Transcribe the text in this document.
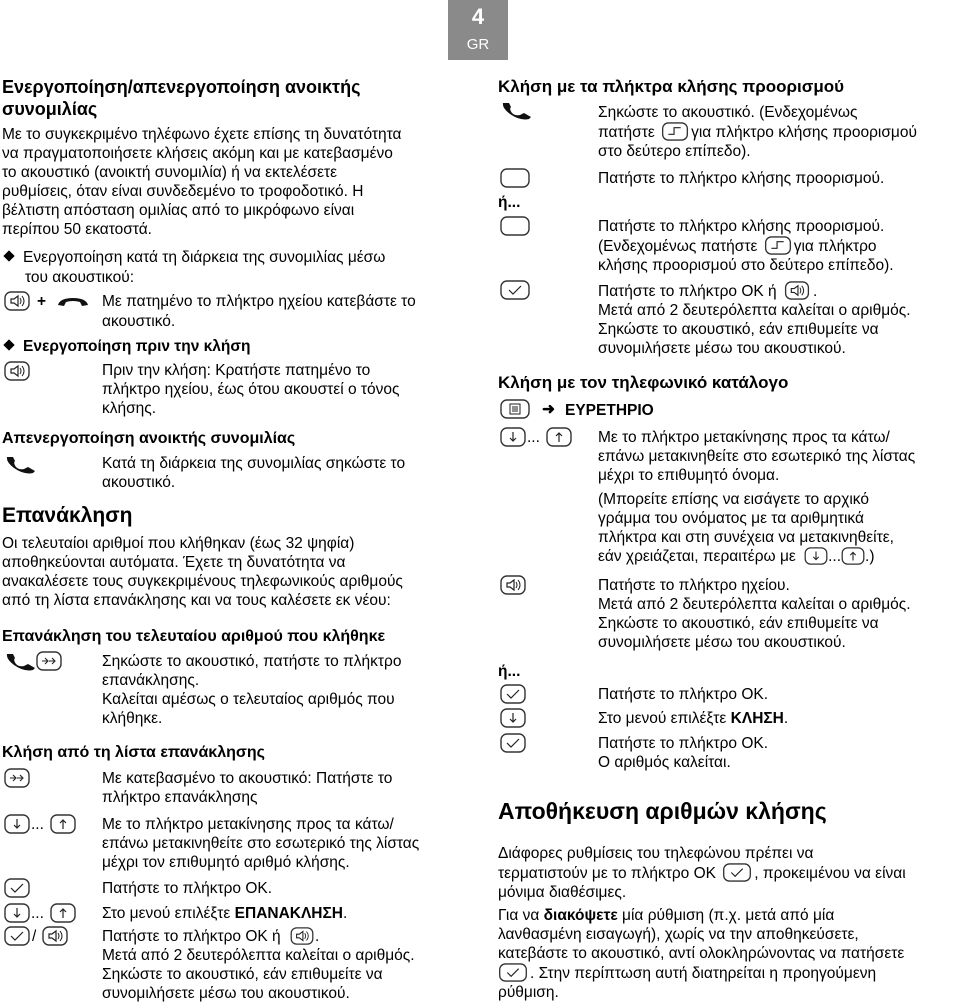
4
GR
Ενεργοποίηση/απενεργοποίηση ανοικτής
συνομιλίας
Με το συγκεκριμένο τηλέφωνο έχετε επίσης τη δυνατότητα
να πραγματοποιήσετε κλήσεις ακόμη και με κατεβασμένο
το ακουστικό (ανοικτή συνομιλία) ή να εκτελέσετε
ρυθμίσεις, όταν είναι συνδεδεμένο το τροφοδοτικό. Η
βέλτιστη απόσταση ομιλίας από το μικρόφωνο είναι
περίπου 50 εκατοστά.
Ενεργοποίηση κατά τη διάρκεια της συνομιλίας μέσω
του ακουστικού:
+	Με πατημένο το πλήκτρο ηχείου κατεβάστε το
ακουστικό.
Ενεργοποίηση πριν την κλήση
Πριν την κλήση: Κρατήστε πατημένο το
πλήκτρο ηχείου, έως ότου ακουστεί ο τόνος
κλήσης.
Απενεργοποίηση ανοικτής συνομιλίας
Κατά τη διάρκεια της συνομιλίας σηκώστε το
ακουστικό.
Επανάκληση
Οι τελευταίοι αριθμοί που κλήθηκαν (έως 32 ψηφία)
αποθηκεύονται αυτόματα. Έχετε τη δυνατότητα να
ανακαλέσετε τους συγκεκριμένους τηλεφωνικούς αριθμούς
από τη λίστα επανάκλησης και να τους καλέσετε εκ νέου:
Επανάκληση του τελευταίου αριθμού που κλήθηκε
Σηκώστε το ακουστικό, πατήστε το πλήκτρο
επανάκλησης.
Καλείται αμέσως ο τελευταίος αριθμός που
κλήθηκε.
Κλήση από τη λίστα επανάκλησης
Με κατεβασμένο το ακουστικό: Πατήστε το
πλήκτρο επανάκλησης
...	Με το πλήκτρο μετακίνησης προς τα κάτω/
επάνω μετακινηθείτε στο εσωτερικό της λίστας
μέχρι τον επιθυμητό αριθμό κλήσης.
Πατήστε το πλήκτρο OK.
...	Στο μενού επιλέξτε ΕΠΑΝΑΚΛΗΣΗ.
/	Πατήστε το πλήκτρο OK ή .
Μετά από 2 δευτερόλεπτα καλείται ο αριθμός.
Σηκώστε το ακουστικό, εάν επιθυμείτε να
συνομιλήσετε μέσω του ακουστικού.
Κλήση με τα πλήκτρα κλήσης προορισμού
Σηκώστε το ακουστικό. (Ενδεχομένως
πατήστε για πλήκτρο κλήσης προορισμού
στο δεύτερο επίπεδο).
Πατήστε το πλήκτρο κλήσης προορισμού.
ή...
Πατήστε το πλήκτρο κλήσης προορισμού.
(Ενδεχομένως πατήστε για πλήκτρο
κλήσης προορισμού στο δεύτερο επίπεδο).
Πατήστε το πλήκτρο OK ή .
Μετά από 2 δευτερόλεπτα καλείται ο αριθμός.
Σηκώστε το ακουστικό, εάν επιθυμείτε να
συνομιλήσετε μέσω του ακουστικού.
Κλήση με τον τηλεφωνικό κατάλογο
➜ ΕΥΡΕΤΗΡΙΟ
...	Με το πλήκτρο μετακίνησης προς τα κάτω/
επάνω μετακινηθείτε στο εσωτερικό της λίστας
μέχρι το επιθυμητό όνομα.
(Μπορείτε επίσης να εισάγετε το αρχικό
γράμμα του ονόματος με τα αριθμητικά
πλήκτρα και στη συνέχεια να μετακινηθείτε,
εάν χρειάζεται, περαιτέρω με ... .)
Πατήστε το πλήκτρο ηχείου.
Μετά από 2 δευτερόλεπτα καλείται ο αριθμός.
Σηκώστε το ακουστικό, εάν επιθυμείτε να
συνομιλήσετε μέσω του ακουστικού.
ή...
Πατήστε το πλήκτρο OK.
Στο μενού επιλέξτε ΚΛΗΣΗ.
Πατήστε το πλήκτρο OK.
Ο αριθμός καλείται.
Αποθήκευση αριθμών κλήσης
Διάφορες ρυθμίσεις του τηλεφώνου πρέπει να
τερματιστούν με το πλήκτρο OK , προκειμένου να είναι
μόνιμα διαθέσιμες.
Για να διακόψετε μία ρύθμιση (π.χ. μετά από μία
λανθασμένη εισαγωγή), χωρίς να την αποθηκεύσετε,
κατεβάστε το ακουστικό, αντί ολοκληρώνοντας να πατήσετε
. Στην περίπτωση αυτή διατηρείται η προηγούμενη
ρύθμιση.
